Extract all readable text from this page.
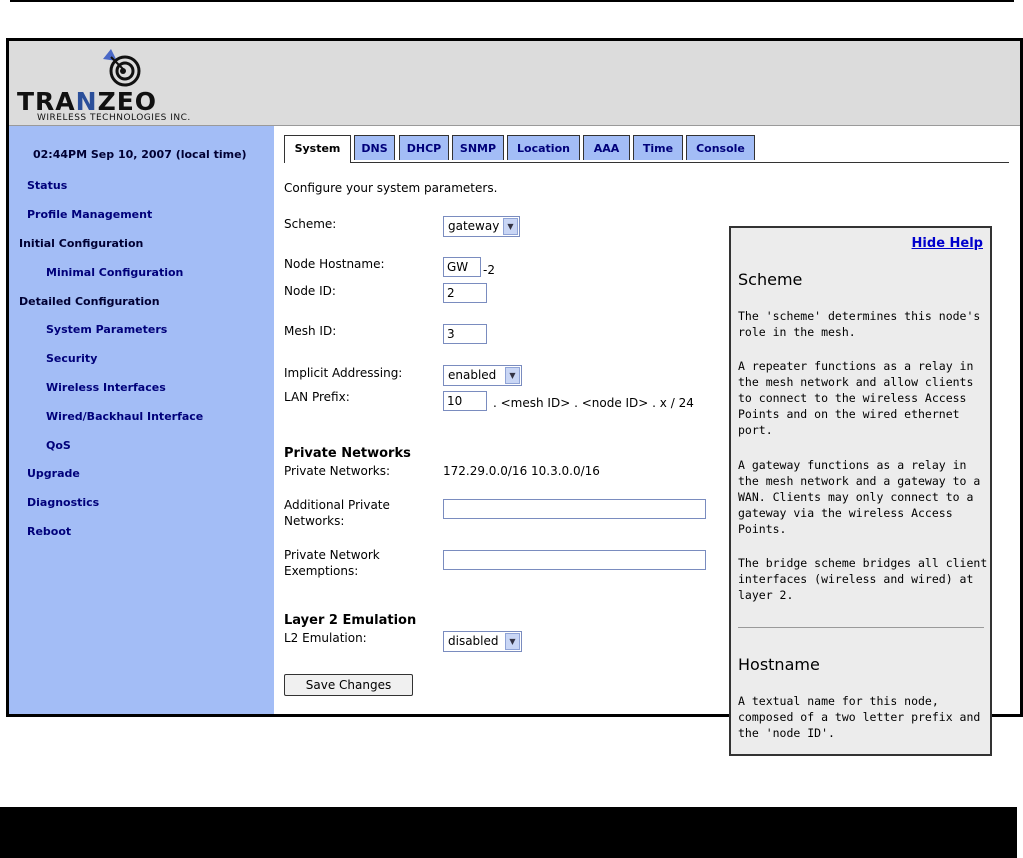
TRANZEO
WIRELESS TECHNOLOGIES INC.
02:44PM Sep 10, 2007 (local time)
Status
Profile Management
Initial Configuration
Minimal Configuration
Detailed Configuration
System Parameters
Security
Wireless Interfaces
Wired/Backhaul Interface
QoS
Upgrade
Diagnostics
Reboot
System	DNS	DHCP	SNMP	Location	AAA	Time	Console
Configure your system parameters.
Scheme:	gateway	▼
Node Hostname:	GW	-2
Node ID:	2
Mesh ID:	3
Implicit Addressing:	enabled	▼
LAN Prefix:	10	. <mesh ID> . <node ID> . x / 24
Private Networks
Private Networks:	172.29.0.0/16 10.3.0.0/16
Additional Private
Networks:
Private Network
Exemptions:
Layer 2 Emulation
L2 Emulation:	disabled	▼
Save Changes
Hide Help
Scheme

The 'scheme' determines this node's role in the mesh.

A repeater functions as a relay in the mesh network and allow clients to connect to the wireless Access Points and on the wired ethernet port.

A gateway functions as a relay in the mesh network and a gateway to a WAN. Clients may only connect to a gateway via the wireless Access Points.

The bridge scheme bridges all client interfaces (wireless and wired) at layer 2.

Hostname

A textual name for this node, composed of a two letter prefix and the 'node ID'.
